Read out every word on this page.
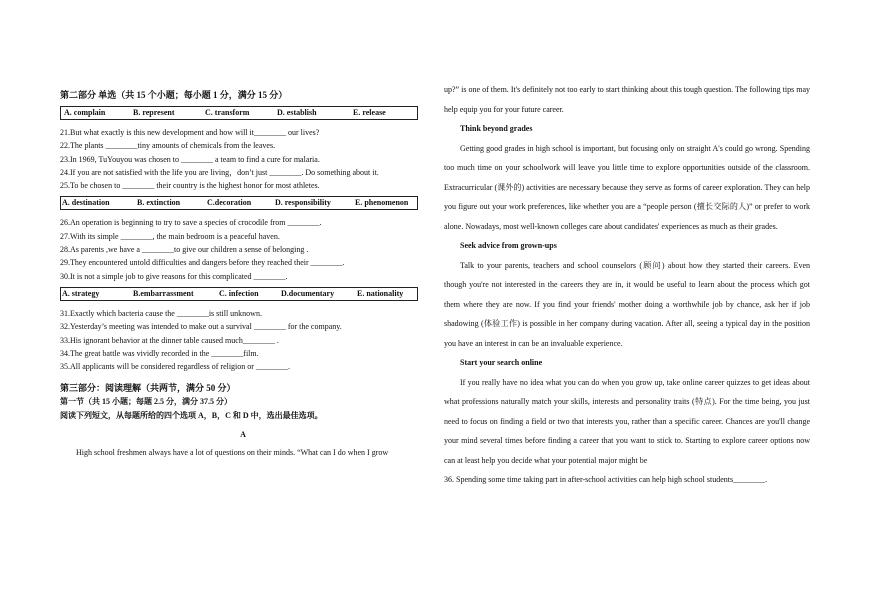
第二部分 单选（共 15 个小题；每小题 1 分，满分 15 分）

A. complain	B. represent	C. transform	D. establish	E. release
21.But what exactly is this new development and how will it________ our lives?
22.The plants ________tiny amounts of chemicals from the leaves.
23.In 1969, TuYouyou was chosen to ________ a team to find a cure for malaria.
24.If you are not satisfied with the life you are living，don’t just ________. Do something about it.
25.To be chosen to ________ their country is the highest honor for most athletes.
A. destination	B. extinction	C.decoration	D. responsibility	E. phenomenon
26.An operation is beginning to try to save a species of crocodile from ________.
27.With its simple ________, the main bedroom is a peaceful haven.
28.As parents ,we have a ________to give our children a sense of belonging .
29.They encountered untold difficulties and dangers before they reached their ________.
30.It is not a simple job to give reasons for this complicated ________.
A. strategy	B.embarrassment	C. infection	D.documentary	E. nationality
31.Exactly which bacteria cause the ________is still unknown.
32.Yesterday’s meeting was intended to make out a survival ________ for the company.
33.His ignorant behavior at the dinner table caused much________ .
34.The great battle was vividly recorded in the ________film.
35.All applicants will be considered regardless of religion or ________.

第三部分：阅读理解（共两节，满分 50 分）

第一节（共 15 小题；每题 2.5 分，满分 37.5 分）
阅读下列短文，从每题所给的四个选项 A，B，C 和 D 中，选出最佳选项。
A
High school freshmen always have a lot of questions on their minds. “What can I do when I grow

up?” is one of them. It's definitely not too early to start thinking about this tough question. The following tips may help equip you for your future career.

Think beyond grades

Getting good grades in high school is important, but focusing only on straight A's could go wrong. Spending too much time on your schoolwork will leave you little time to explore opportunities outside of the classroom. Extracurricular (课外的) activities are necessary because they serve as forms of career exploration. They can help you figure out your work preferences, like whether you are a “people person (擅长交际的人)” or prefer to work alone. Nowadays, most well-known colleges care about candidates' experiences as much as their grades.

Seek advice from grown-ups

Talk to your parents, teachers and school counselors (顾问) about how they started their careers. Even though you're not interested in the careers they are in, it would be useful to learn about the process which got them where they are now. If you find your friends' mother doing a worthwhile job by chance, ask her if job shadowing (体验工作) is possible in her company during vacation. After all, seeing a typical day in the position you have an interest in can be an invaluable experience.

Start your search online

If you really have no idea what you can do when you grow up, take online career quizzes to get ideas about what professions naturally match your skills, interests and personality traits (特点). For the time being, you just need to focus on finding a field or two that interests you, rather than a specific career. Chances are you'll change your mind several times before finding a career that you want to stick to. Starting to explore career options now can at least help you decide what your potential major might be

36. Spending some time taking part in after-school activities can help high school students________.
